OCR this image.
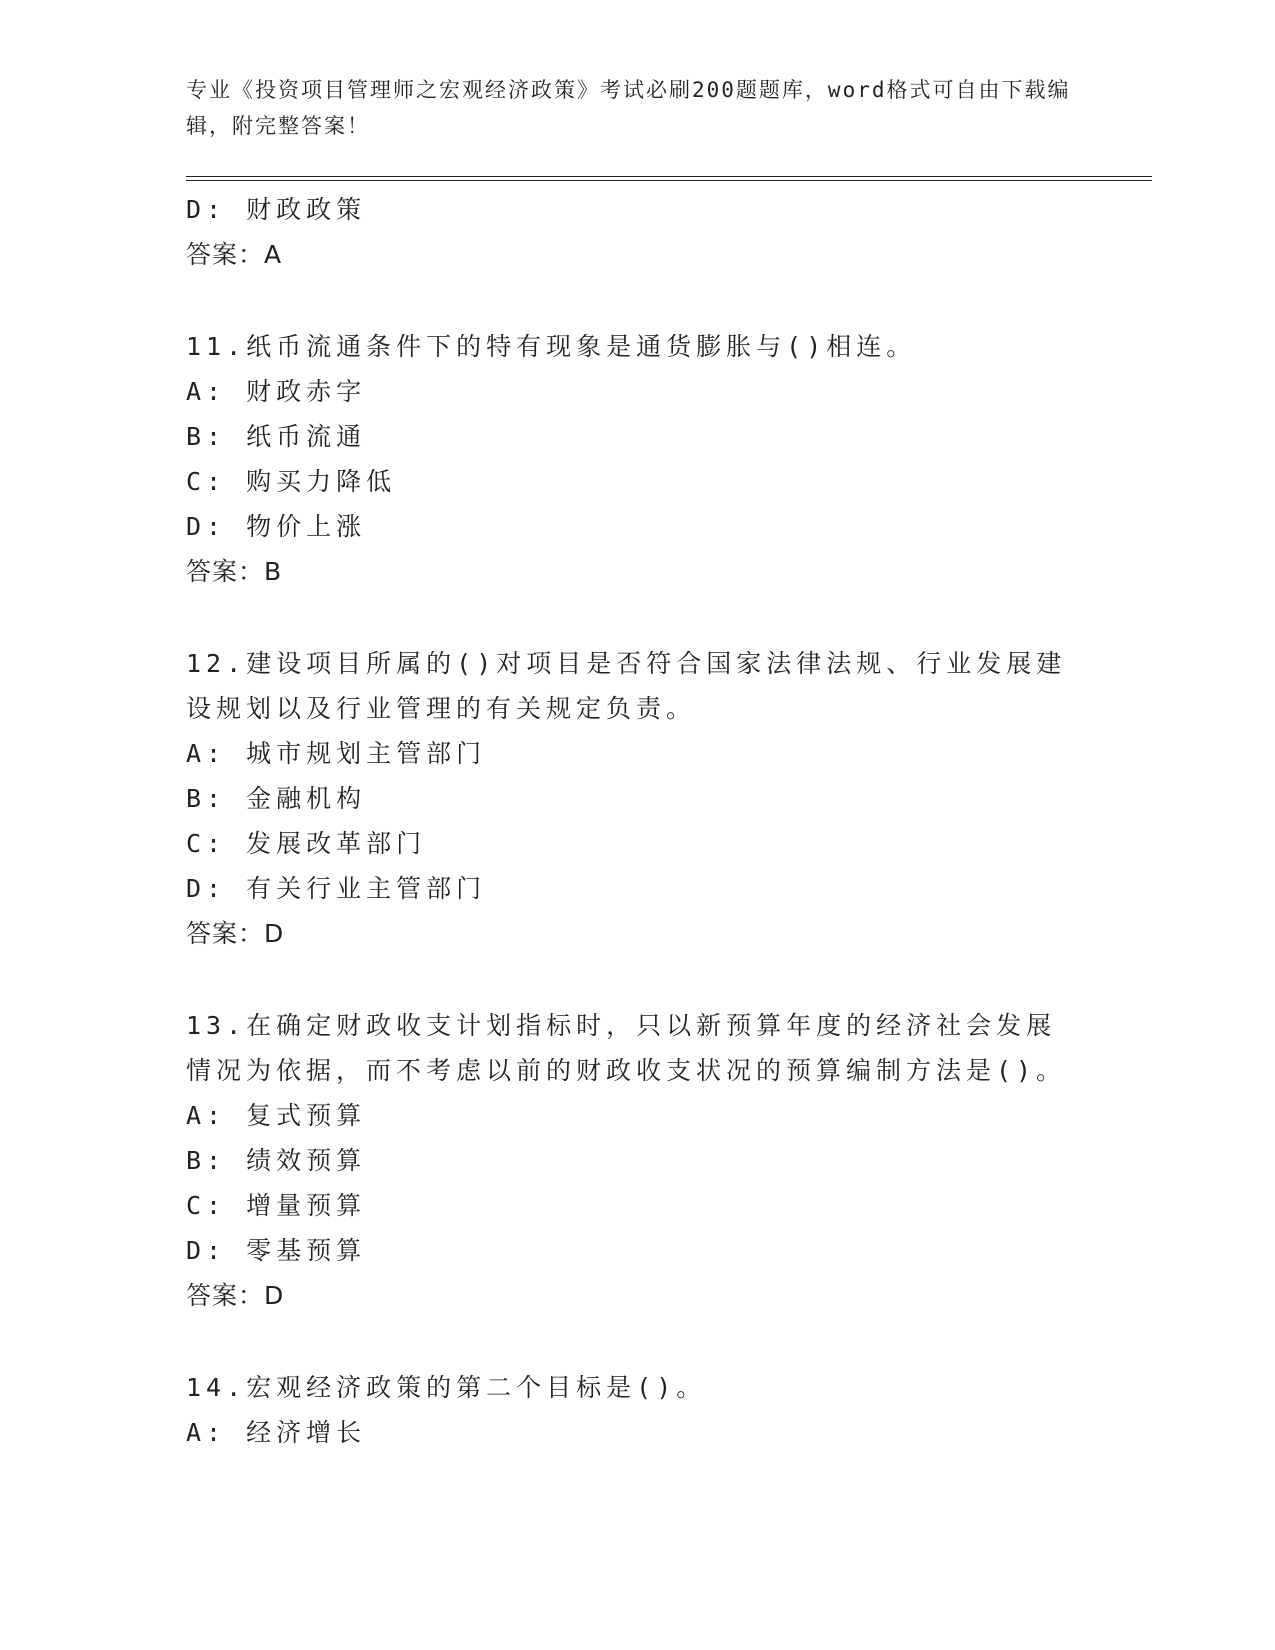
专业《投资项目管理师之宏观经济政策》考试必刷200题题库，word格式可自由下载编辑，附完整答案！
D: 财政政策
答案：A
11.纸币流通条件下的特有现象是通货膨胀与()相连。
A: 财政赤字
B: 纸币流通
C: 购买力降低
D: 物价上涨
答案：B
12.建设项目所属的()对项目是否符合国家法律法规、行业发展建设规划以及行业管理的有关规定负责。
A: 城市规划主管部门
B: 金融机构
C: 发展改革部门
D: 有关行业主管部门
答案：D
13.在确定财政收支计划指标时，只以新预算年度的经济社会发展情况为依据，而不考虑以前的财政收支状况的预算编制方法是()。
A: 复式预算
B: 绩效预算
C: 增量预算
D: 零基预算
答案：D
14.宏观经济政策的第二个目标是()。
A: 经济增长
